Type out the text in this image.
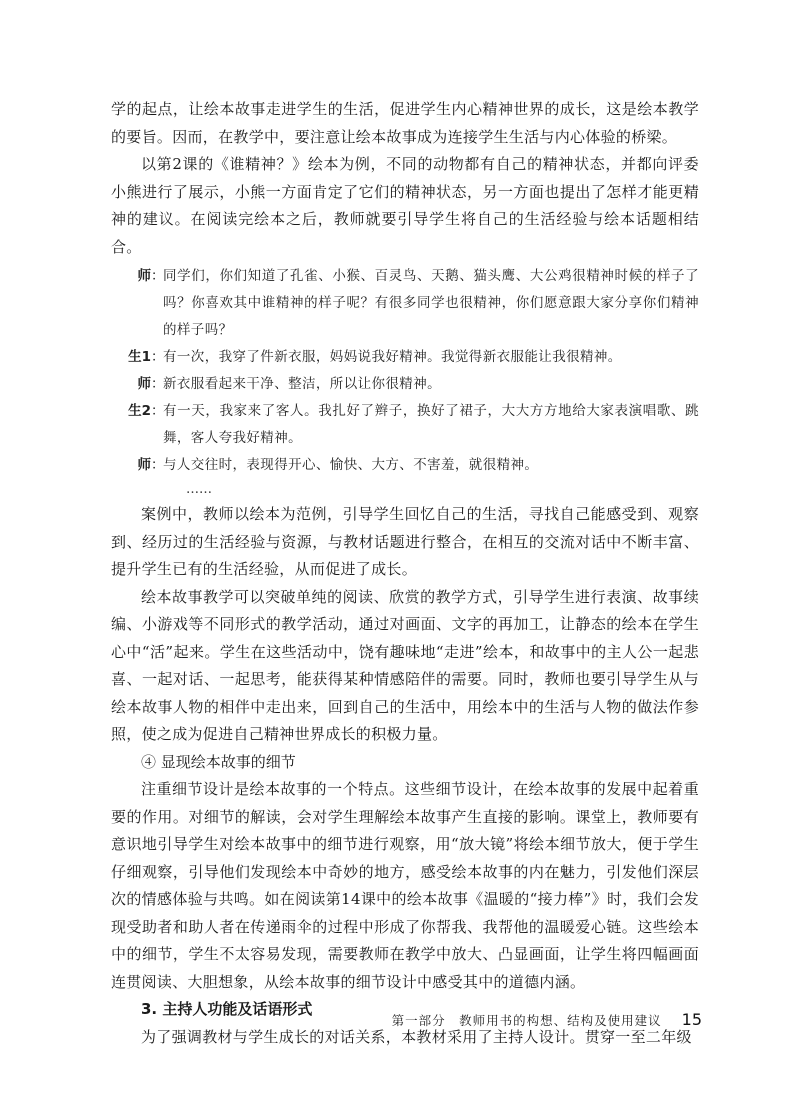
学的起点，让绘本故事走进学生的生活，促进学生内心精神世界的成长，这是绘本教学的要旨。因而，在教学中，要注意让绘本故事成为连接学生生活与内心体验的桥梁。

以第2课的《谁精神？》绘本为例，不同的动物都有自己的精神状态，并都向评委小熊进行了展示，小熊一方面肯定了它们的精神状态，另一方面也提出了怎样才能更精神的建议。在阅读完绘本之后，教师就要引导学生将自己的生活经验与绘本话题相结合。

师 ：
同学们，你们知道了孔雀、小猴、百灵鸟、天鹅、猫头鹰、大公鸡很精神时候的样子了吗？你喜欢其中谁精神的样子呢？有很多同学也很精神，你们愿意跟大家分享你们精神的样子吗？
生1 ：
有一次，我穿了件新衣服，妈妈说我好精神。我觉得新衣服能让我很精神。
师 ：
新衣服看起来干净、整洁，所以让你很精神。
生2 ：
有一天，我家来了客人。我扎好了辫子，换好了裙子，大大方方地给大家表演唱歌、跳舞，客人夸我好精神。
师 ：
与人交往时，表现得开心、愉快、大方、不害羞，就很精神。
……

案例中，教师以绘本为范例，引导学生回忆自己的生活，寻找自己能感受到、观察到、经历过的生活经验与资源，与教材话题进行整合，在相互的交流对话中不断丰富、提升学生已有的生活经验，从而促进了成长。

绘本故事教学可以突破单纯的阅读、欣赏的教学方式，引导学生进行表演、故事续编、小游戏等不同形式的教学活动，通过对画面、文字的再加工，让静态的绘本在学生心中“活”起来。学生在这些活动中，饶有趣味地“走进”绘本，和故事中的主人公一起悲喜、一起对话、一起思考，能获得某种情感陪伴的需要。同时，教师也要引导学生从与绘本故事人物的相伴中走出来，回到自己的生活中，用绘本中的生活与人物的做法作参照，使之成为促进自己精神世界成长的积极力量。

④ 显现绘本故事的细节

注重细节设计是绘本故事的一个特点。这些细节设计，在绘本故事的发展中起着重要的作用。对细节的解读，会对学生理解绘本故事产生直接的影响。课堂上，教师要有意识地引导学生对绘本故事中的细节进行观察，用“放大镜”将绘本细节放大，便于学生仔细观察，引导他们发现绘本中奇妙的地方，感受绘本故事的内在魅力，引发他们深层次的情感体验与共鸣。如在阅读第14课中的绘本故事《温暖的“接力棒”》时，我们会发现受助者和助人者在传递雨伞的过程中形成了你帮我、我帮他的温暖爱心链。这些绘本中的细节，学生不太容易发现，需要教师在教学中放大、凸显画面，让学生将四幅画面连贯阅读、大胆想象，从绘本故事的细节设计中感受其中的道德内涵。

3. 主持人功能及话语形式

为了强调教材与学生成长的对话关系，本教材采用了主持人设计。贯穿一至二年级

第一部分　教师用书的构想、结构及使用建议 15
